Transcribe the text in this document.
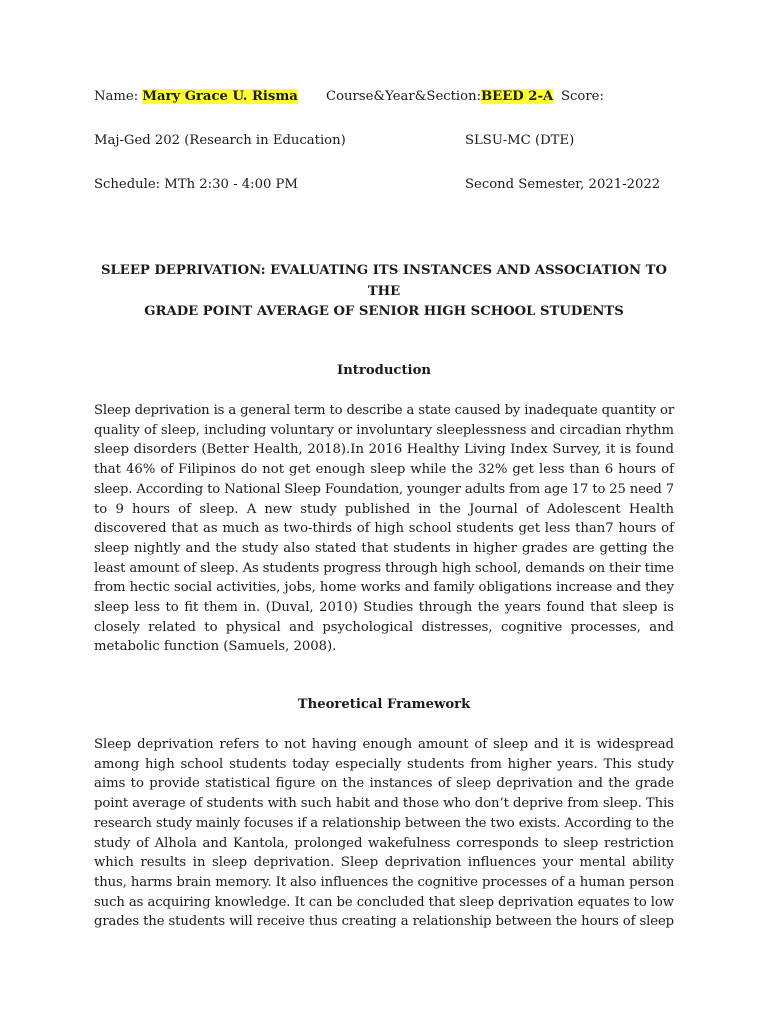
Name: Mary Grace U. Risma Course&Year&Section:BEED 2-A Score:
Maj-Ged 202 (Research in Education)	SLSU-MC (DTE)
Schedule: MTh 2:30 - 4:00 PM	Second Semester, 2021-2022
SLEEP DEPRIVATION: EVALUATING ITS INSTANCES AND ASSOCIATION TO THE
GRADE POINT AVERAGE OF SENIOR HIGH SCHOOL STUDENTS
Introduction
Sleep deprivation is a general term to describe a state caused by inadequate quantity or
quality of sleep, including voluntary or involuntary sleeplessness and circadian rhythm
sleep disorders (Better Health, 2018).In 2016 Healthy Living Index Survey, it is found
that 46% of Filipinos do not get enough sleep while the 32% get less than 6 hours of
sleep. According to National Sleep Foundation, younger adults from age 17 to 25 need 7
to 9 hours of sleep. A new study published in the Journal of Adolescent Health
discovered that as much as two-thirds of high school students get less than7 hours of
sleep nightly and the study also stated that students in higher grades are getting the
least amount of sleep. As students progress through high school, demands on their time
from hectic social activities, jobs, home works and family obligations increase and they
sleep less to fit them in. (Duval, 2010) Studies through the years found that sleep is
closely related to physical and psychological distresses, cognitive processes, and
metabolic function (Samuels, 2008).
Theoretical Framework
Sleep deprivation refers to not having enough amount of sleep and it is widespread
among high school students today especially students from higher years. This study
aims to provide statistical figure on the instances of sleep deprivation and the grade
point average of students with such habit and those who don’t deprive from sleep. This
research study mainly focuses if a relationship between the two exists. According to the
study of Alhola and Kantola, prolonged wakefulness corresponds to sleep restriction
which results in sleep deprivation. Sleep deprivation influences your mental ability
thus, harms brain memory. It also influences the cognitive processes of a human person
such as acquiring knowledge. It can be concluded that sleep deprivation equates to low
grades the students will receive thus creating a relationship between the hours of sleep
